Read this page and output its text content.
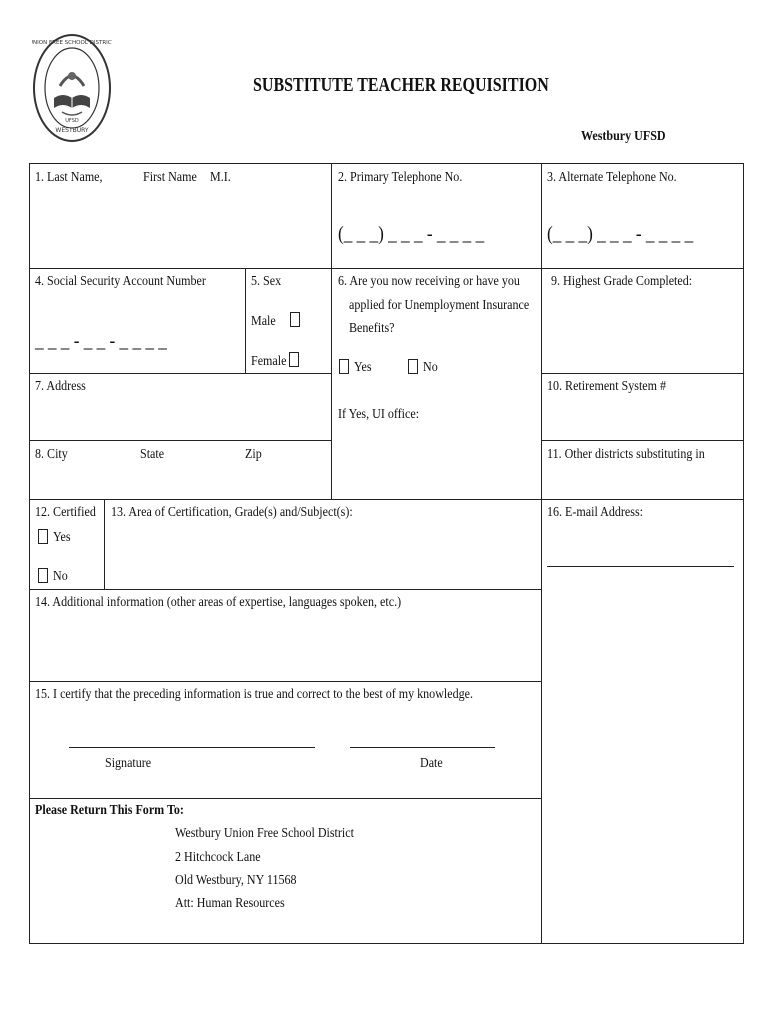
WESTBURY
UNION FREE SCHOOL DISTRICT
UFSD
SUBSTITUTE TEACHER REQUISITION
Westbury UFSD
1. Last Name,	First Name M.I.	2. Primary Telephone No.
(_ _ _) _ _ _ - _ _ _ _
3. Alternate Telephone No.
(_ _ _) _ _ _ - _ _ _ _
4. Social Security Account Number
_ _ _ - _ _ - _ _ _ _
5. Sex
Male
Female
6. Are you now receiving or have you
applied for Unemployment Insurance
Benefits?
Yes	No
If Yes, UI office:
9. Highest Grade Completed:
7. Address	10. Retirement System #
8. City	State	Zip	11. Other districts substituting in
12. Certified
Yes
No
13. Area of Certification, Grade(s) and/Subject(s):	16. E-mail Address:
14. Additional information (other areas of expertise, languages spoken, etc.)
15. I certify that the preceding information is true and correct to the best of my knowledge.
Signature	Date
Please Return This Form To:
Westbury Union Free School District
2 Hitchcock Lane
Old Westbury, NY 11568
Att: Human Resources
